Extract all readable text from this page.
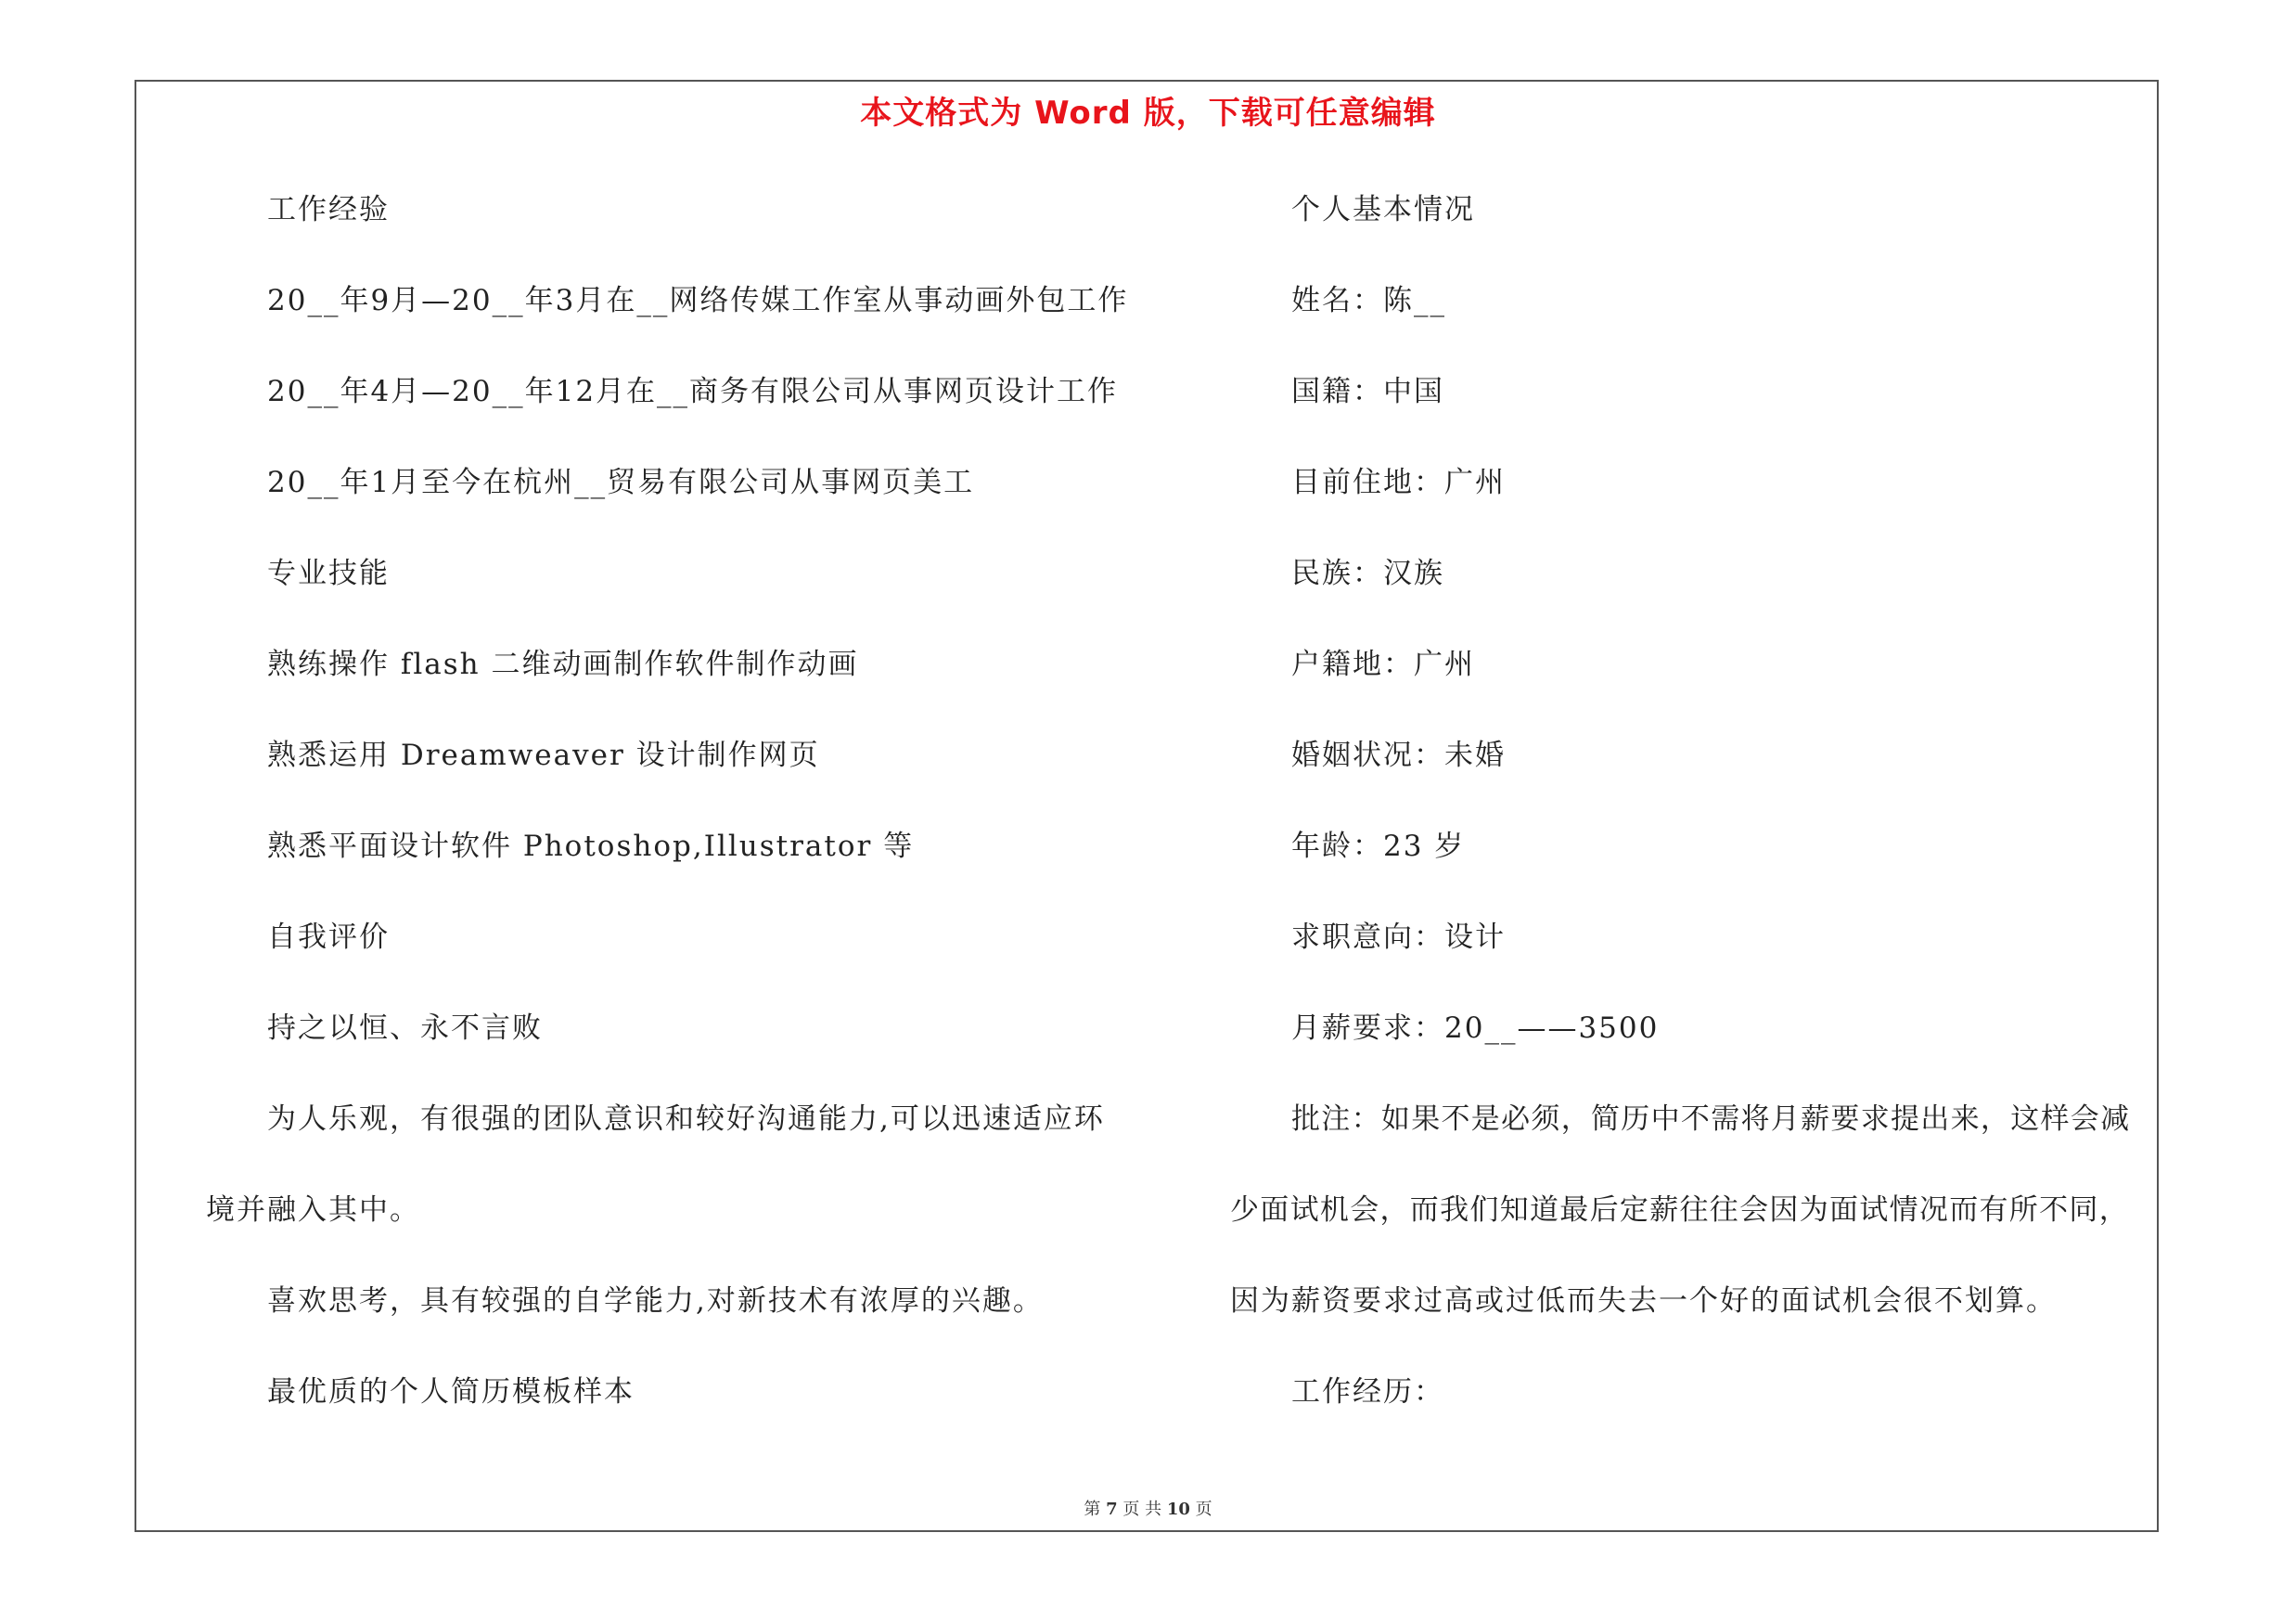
本文格式为 Word 版，下载可任意编辑
工作经验
20__年9月—20__年3月在__网络传媒工作室从事动画外包工作
20__年4月—20__年12月在__商务有限公司从事网页设计工作
20__年1月至今在杭州__贸易有限公司从事网页美工
专业技能
熟练操作 flash 二维动画制作软件制作动画
熟悉运用 Dreamweaver 设计制作网页
熟悉平面设计软件 Photoshop,Illustrator 等
自我评价
持之以恒、永不言败
为人乐观，有很强的团队意识和较好沟通能力,可以迅速适应环
境并融入其中。
喜欢思考，具有较强的自学能力,对新技术有浓厚的兴趣。
最优质的个人简历模板样本
个人基本情况
姓名：陈__
国籍：中国
目前住地：广州
民族：汉族
户籍地：广州
婚姻状况：未婚
年龄：23 岁
求职意向：设计
月薪要求：20__——3500
批注：如果不是必须，简历中不需将月薪要求提出来，这样会减
少面试机会，而我们知道最后定薪往往会因为面试情况而有所不同，
因为薪资要求过高或过低而失去一个好的面试机会很不划算。
工作经历：
第 7 页 共 10 页
